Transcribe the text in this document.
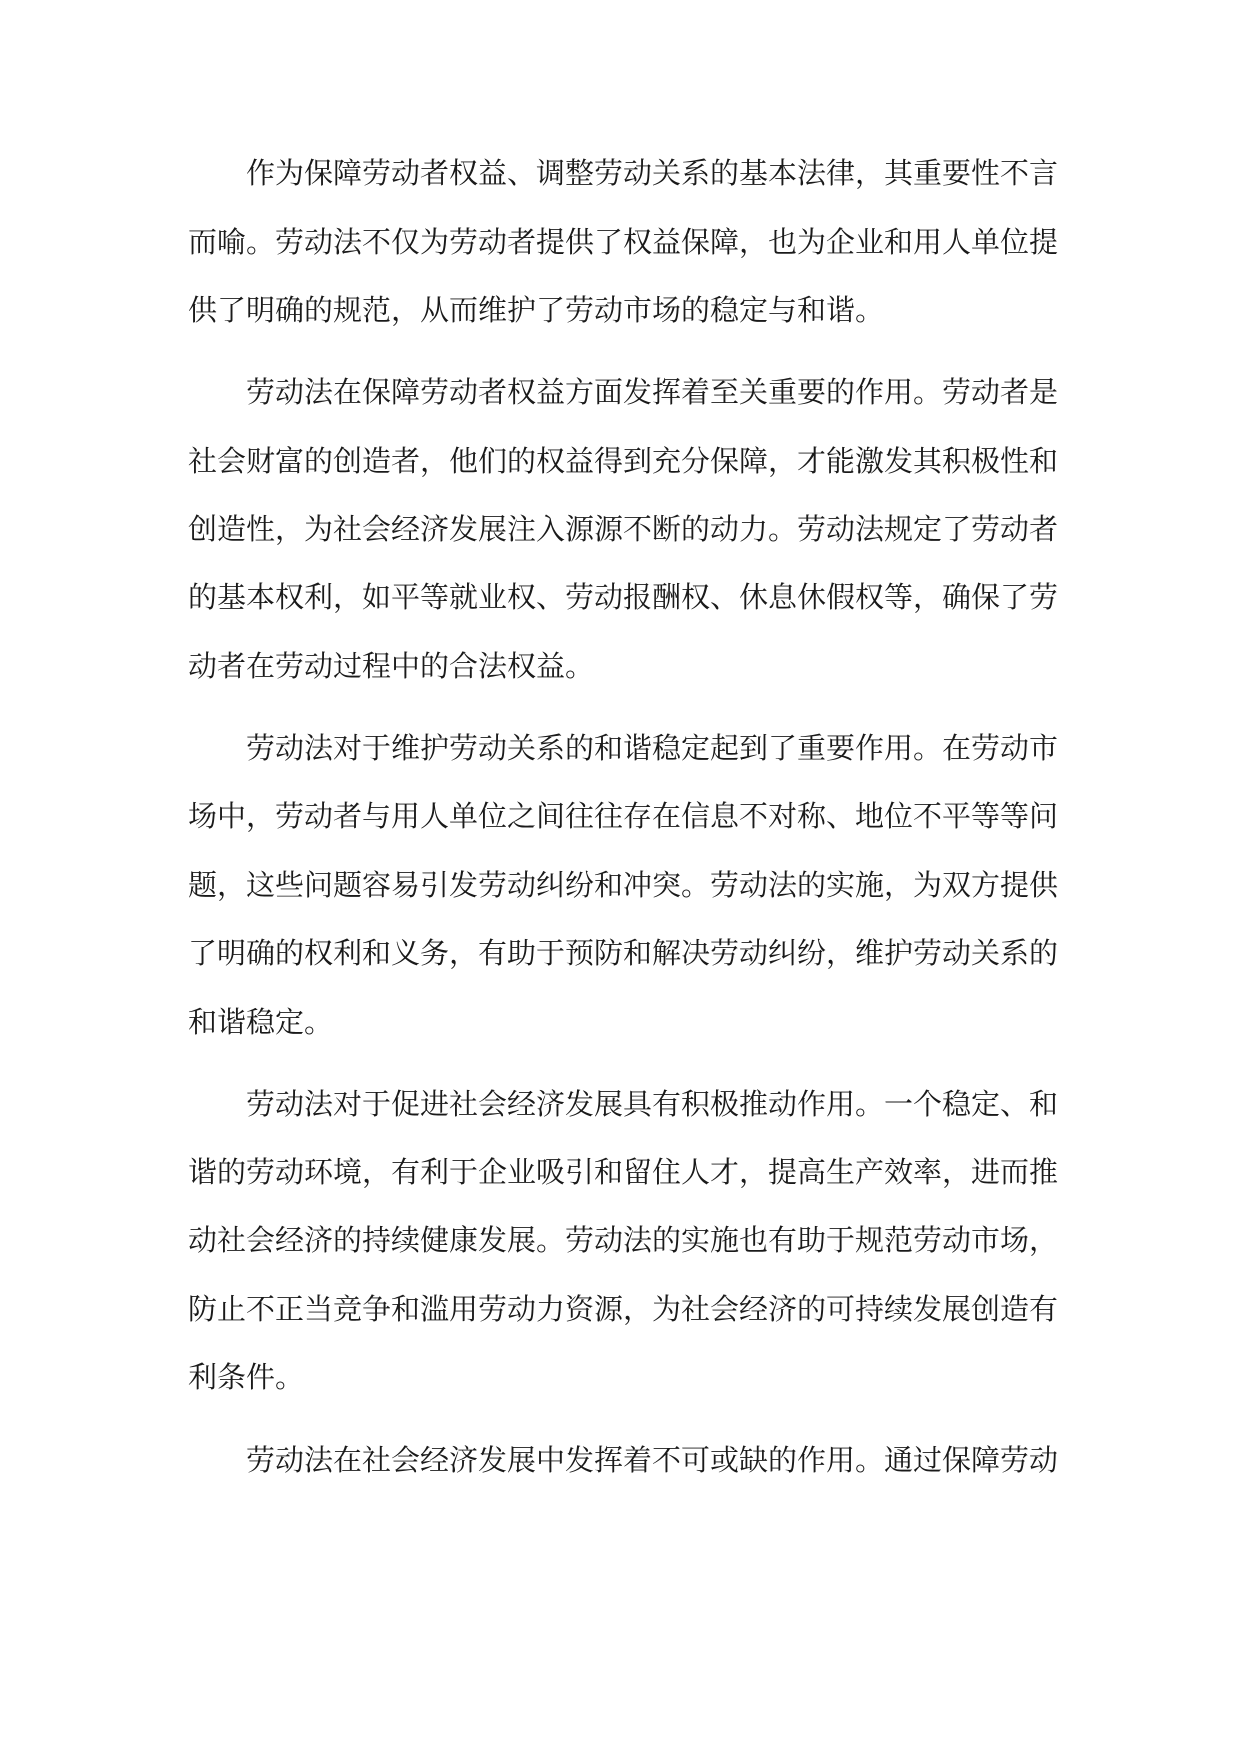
作为保障劳动者权益、调整劳动关系的基本法律，其重要性不言
而喻。劳动法不仅为劳动者提供了权益保障，也为企业和用人单位提
供了明确的规范，从而维护了劳动市场的稳定与和谐。
劳动法在保障劳动者权益方面发挥着至关重要的作用。劳动者是
社会财富的创造者，他们的权益得到充分保障，才能激发其积极性和
创造性，为社会经济发展注入源源不断的动力。劳动法规定了劳动者
的基本权利，如平等就业权、劳动报酬权、休息休假权等，确保了劳
动者在劳动过程中的合法权益。
劳动法对于维护劳动关系的和谐稳定起到了重要作用。在劳动市
场中，劳动者与用人单位之间往往存在信息不对称、地位不平等等问
题，这些问题容易引发劳动纠纷和冲突。劳动法的实施，为双方提供
了明确的权利和义务，有助于预防和解决劳动纠纷，维护劳动关系的
和谐稳定。
劳动法对于促进社会经济发展具有积极推动作用。一个稳定、和
谐的劳动环境，有利于企业吸引和留住人才，提高生产效率，进而推
动社会经济的持续健康发展。劳动法的实施也有助于规范劳动市场，
防止不正当竞争和滥用劳动力资源，为社会经济的可持续发展创造有
利条件。
劳动法在社会经济发展中发挥着不可或缺的作用。通过保障劳动
